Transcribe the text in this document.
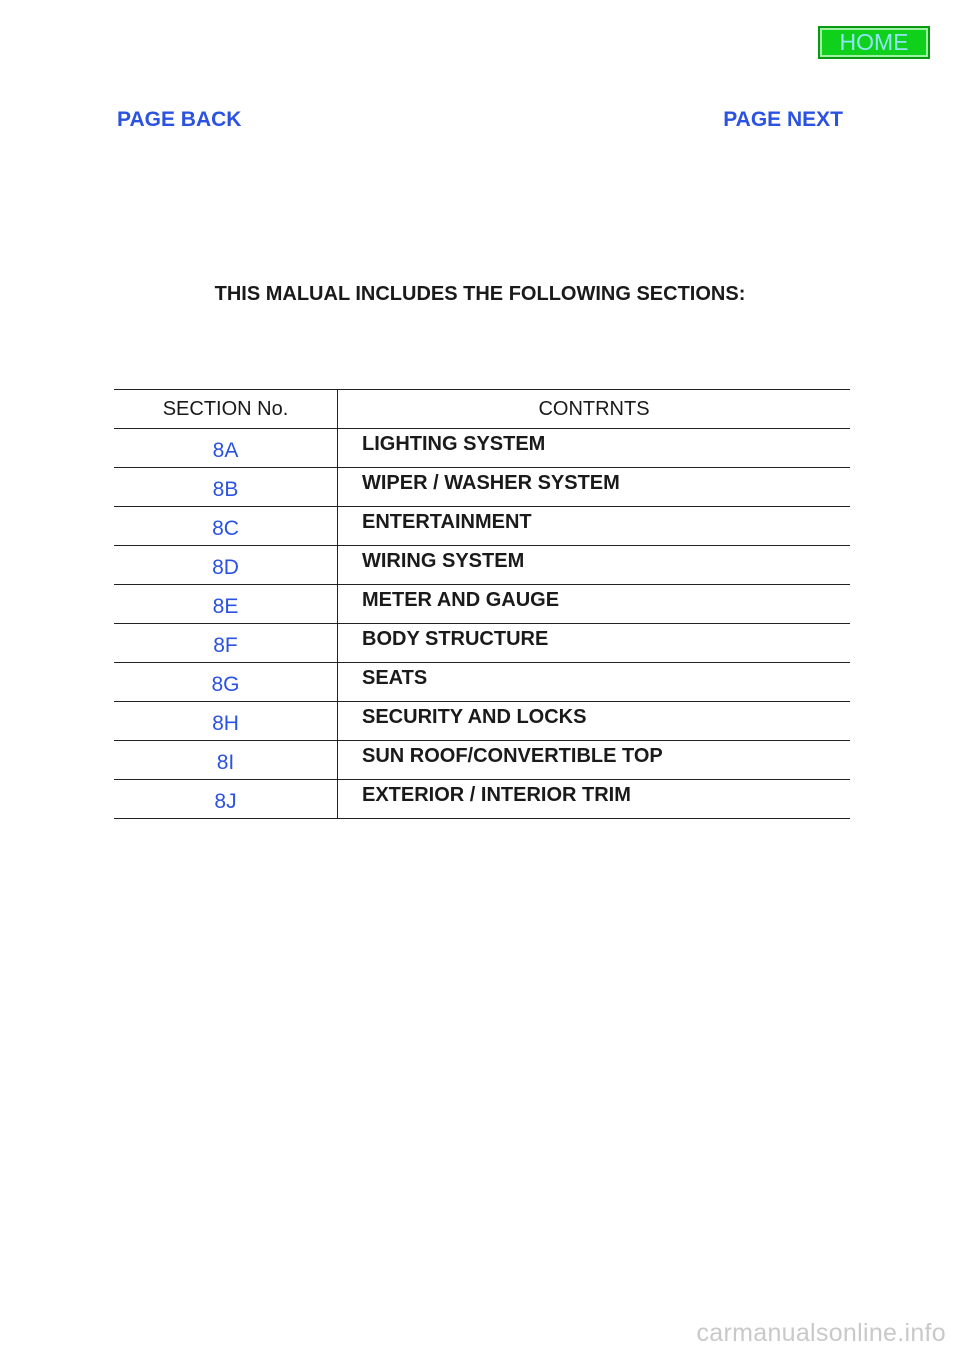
HOME
PAGE BACK	PAGE NEXT
THIS MALUAL INCLUDES THE FOLLOWING SECTIONS:
SECTION No.	CONTRNTS
8A	LIGHTING SYSTEM
8B	WIPER / WASHER SYSTEM
8C	ENTERTAINMENT
8D	WIRING SYSTEM
8E	METER AND GAUGE
8F	BODY STRUCTURE
8G	SEATS
8H	SECURITY AND LOCKS
8I	SUN ROOF/CONVERTIBLE TOP
8J	EXTERIOR / INTERIOR TRIM
carmanualsonline.info
